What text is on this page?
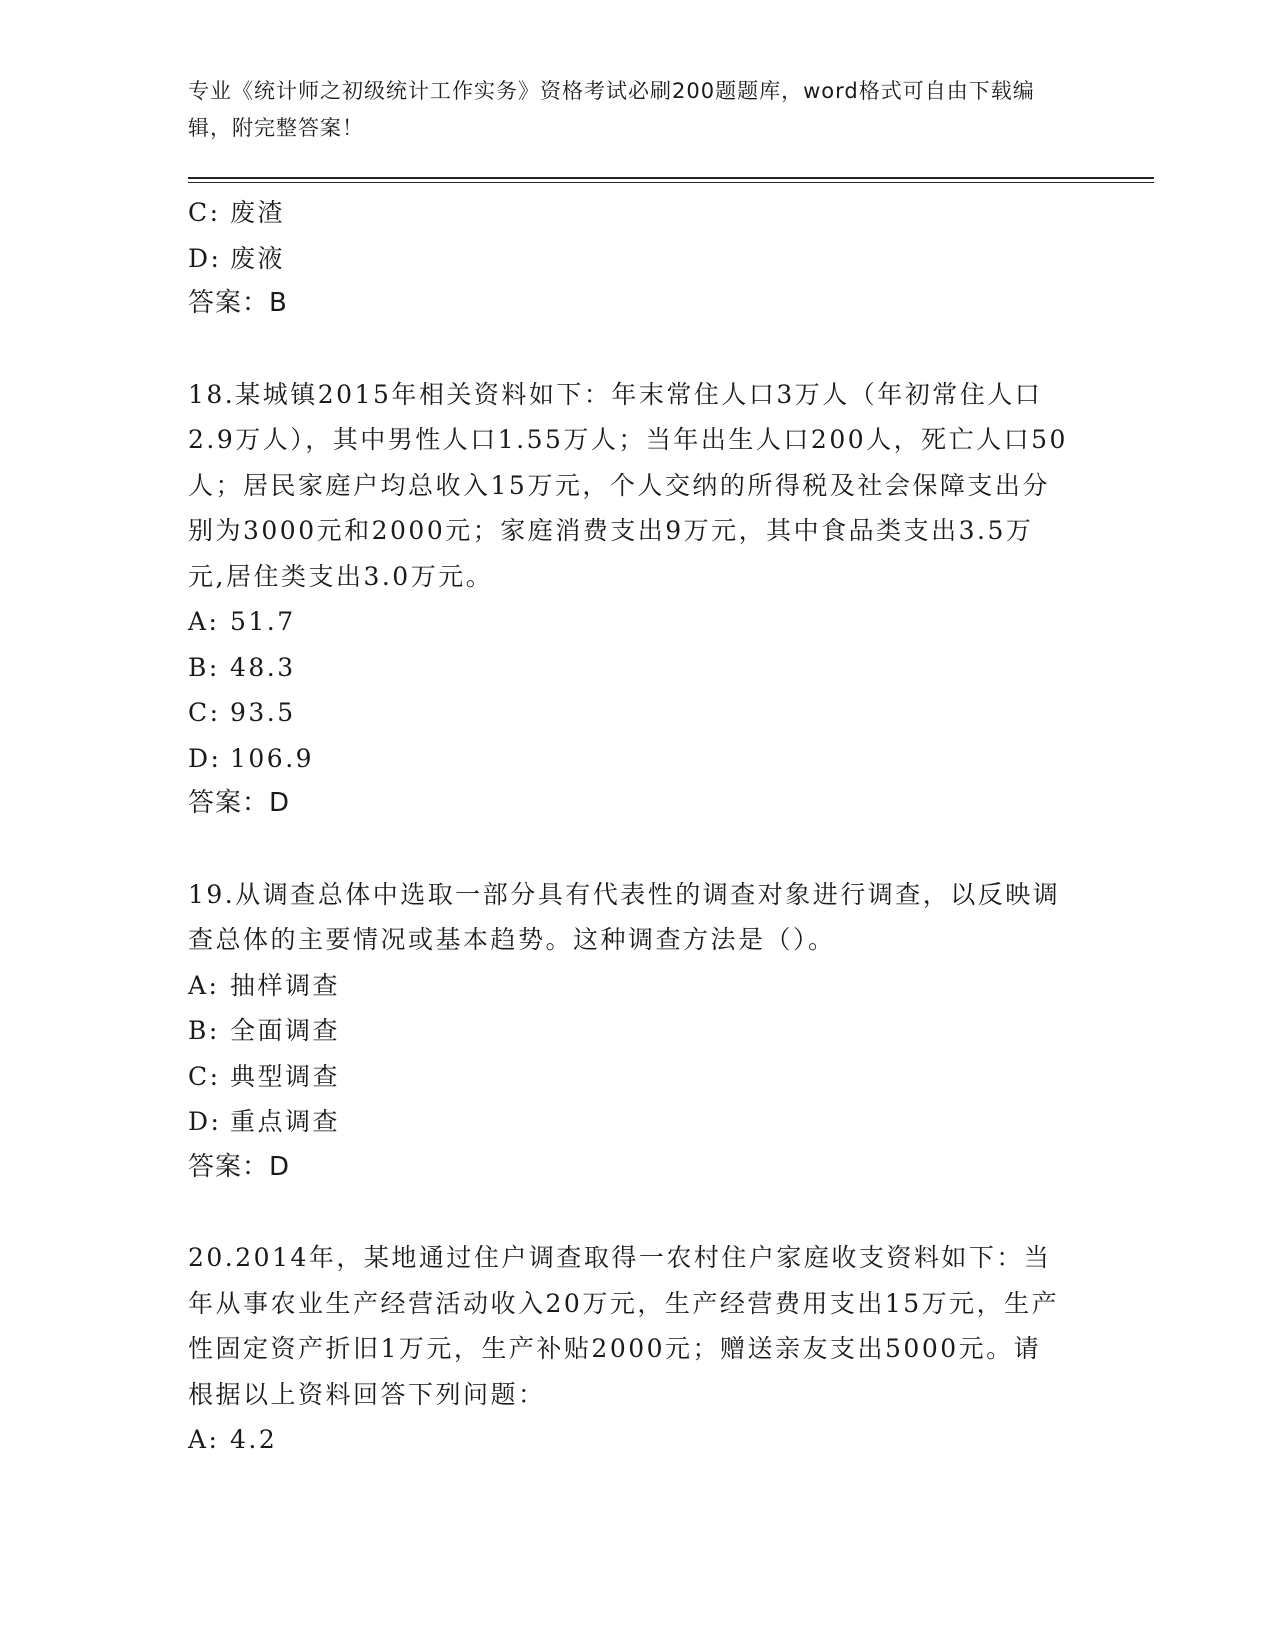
专业《统计师之初级统计工作实务》资格考试必刷200题题库，word格式可自由下载编辑，附完整答案！
C: 废渣
D: 废液
答案：B
18.某城镇2015年相关资料如下：年末常住人口3万人（年初常住人口2.9万人），其中男性人口1.55万人；当年出生人口200人，死亡人口50人；居民家庭户均总收入15万元，个人交纳的所得税及社会保障支出分别为3000元和2000元；家庭消费支出9万元，其中食品类支出3.5万元,居住类支出3.0万元。
A: 51.7
B: 48.3
C: 93.5
D: 106.9
答案：D
19.从调查总体中选取一部分具有代表性的调查对象进行调查，以反映调查总体的主要情况或基本趋势。这种调查方法是（）。
A: 抽样调查
B: 全面调查
C: 典型调查
D: 重点调查
答案：D
20.2014年，某地通过住户调查取得一农村住户家庭收支资料如下：当年从事农业生产经营活动收入20万元，生产经营费用支出15万元，生产性固定资产折旧1万元，生产补贴2000元；赠送亲友支出5000元。请根据以上资料回答下列问题：
A: 4.2
